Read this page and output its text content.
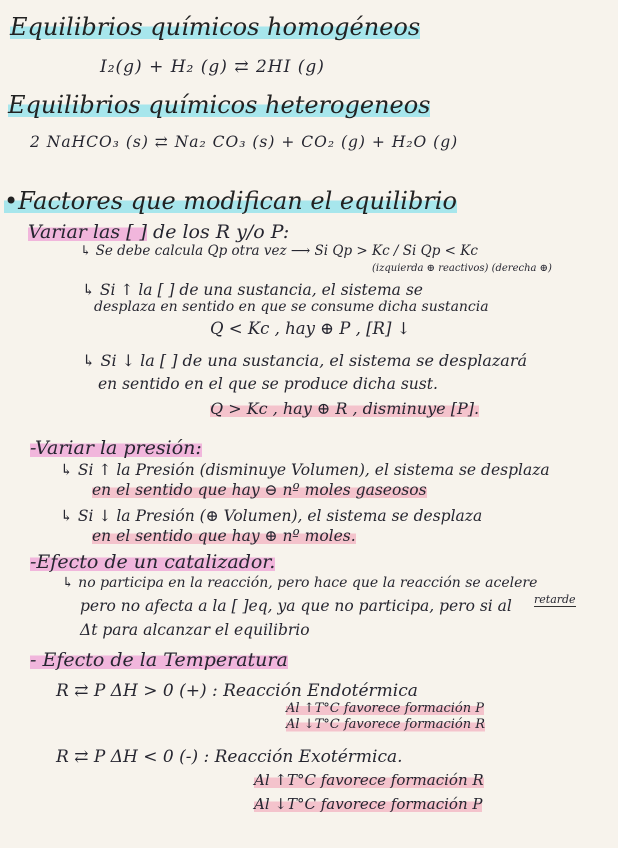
Equilibrios químicos homogéneos
I₂(g) + H₂ (g) ⇄ 2HI (g)
Equilibrios químicos heterogeneos
2 NaHCO₃ (s) ⇄ Na₂ CO₃ (s) + CO₂ (g) + H₂O (g)
•Factores que modifican el equilibrio
Variar las [ ] de los R y/o P:
↳ Se debe calcula Qp otra vez ⟶ Si Qp > Kc / Si Qp < Kc
(izquierda ⊕ reactivos) (derecha ⊕)
↳ Si ↑ la [ ] de una sustancia, el sistema se
desplaza en sentido en que se consume dicha sustancia
Q < Kc , hay ⊕ P , [R] ↓
↳ Si ↓ la [ ] de una sustancia, el sistema se desplazará
en sentido en el que se produce dicha sust.
Q > Kc , hay ⊕ R , disminuye [P].
-Variar la presión:
↳ Si ↑ la Presión (disminuye Volumen), el sistema se desplaza
en el sentido que hay ⊖ nº moles gaseosos
↳ Si ↓ la Presión (⊕ Volumen), el sistema se desplaza
en el sentido que hay ⊕ nº moles.
-Efecto de un catalizador.
↳ no participa en la reacción, pero hace que la reacción se acelere
retarde
pero no afecta a la [ ]eq, ya que no participa, pero si al
Δt para alcanzar el equilibrio
- Efecto de la Temperatura
R ⇄ P ΔH > 0 (+) : Reacción Endotérmica
Al ↑T°C favorece formación P
Al ↓T°C favorece formación R
R ⇄ P ΔH < 0 (-) : Reacción Exotérmica.
Al ↑T°C favorece formación R
Al ↓T°C favorece formación P
